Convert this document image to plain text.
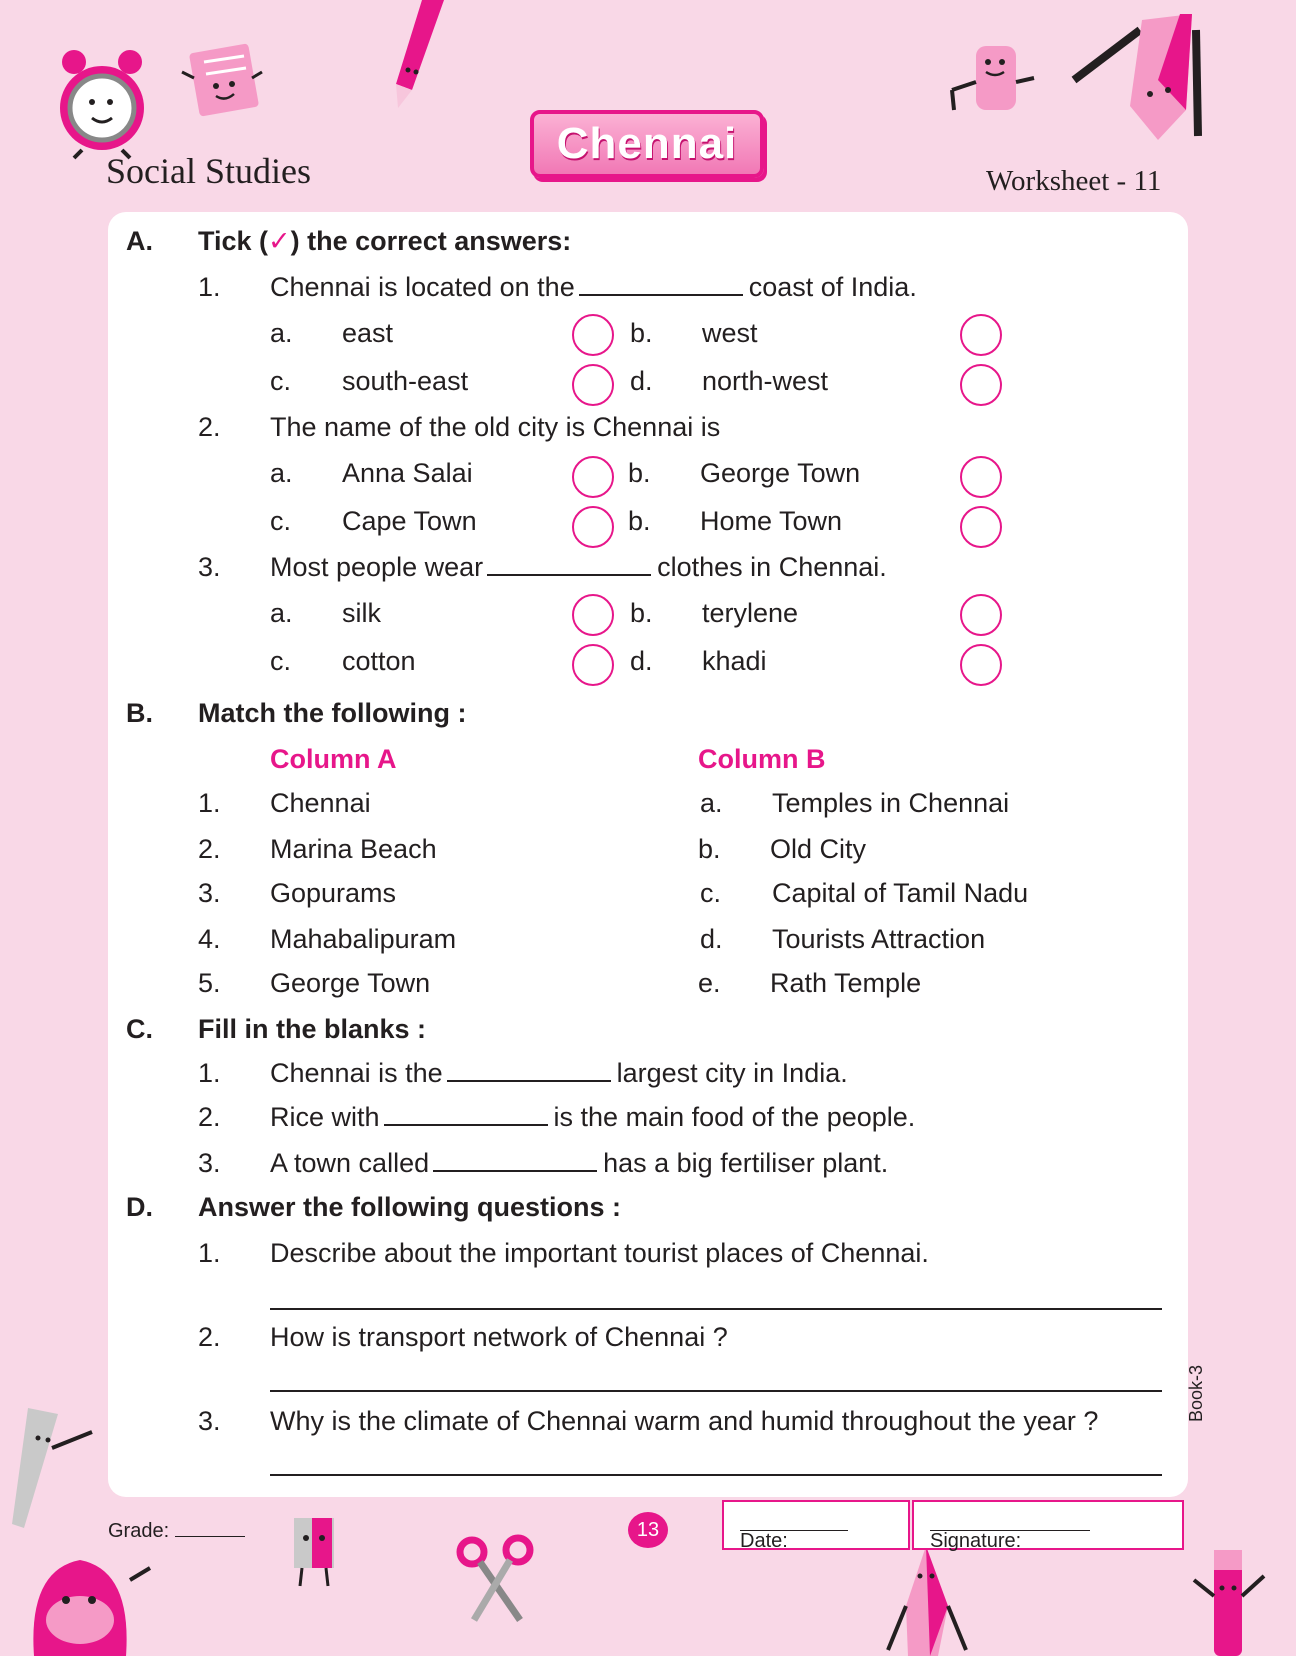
Social Studies
Chennai
Worksheet - 11
A. Tick (✓) the correct answers:
1. Chennai is located on the	coast of India.
a. east	b. west
c. south-east	d. north-west
2. The name of the old city is Chennai is
a. Anna Salai	b. George Town
c. Cape Town	b. Home Town
3. Most people wear	clothes in Chennai.
a. silk	b. terylene
c. cotton	d. khadi
B. Match the following :
Column A	Column B
1. Chennai	a. Temples in Chennai
2. Marina Beach	b. Old City
3. Gopurams	c. Capital of Tamil Nadu
4. Mahabalipuram	d. Tourists Attraction
5. George Town	e. Rath Temple
C. Fill in the blanks :
1. Chennai is the	largest city in India.
2. Rice with	is the main food of the people.
3. A town called	has a big fertiliser plant.
D. Answer the following questions :
1. Describe about the important tourist places of Chennai.
2. How is transport network of Chennai ?
3. Why is the climate of Chennai warm and humid throughout the year ?	Book-3
Grade:	13
Date:	Signature:
